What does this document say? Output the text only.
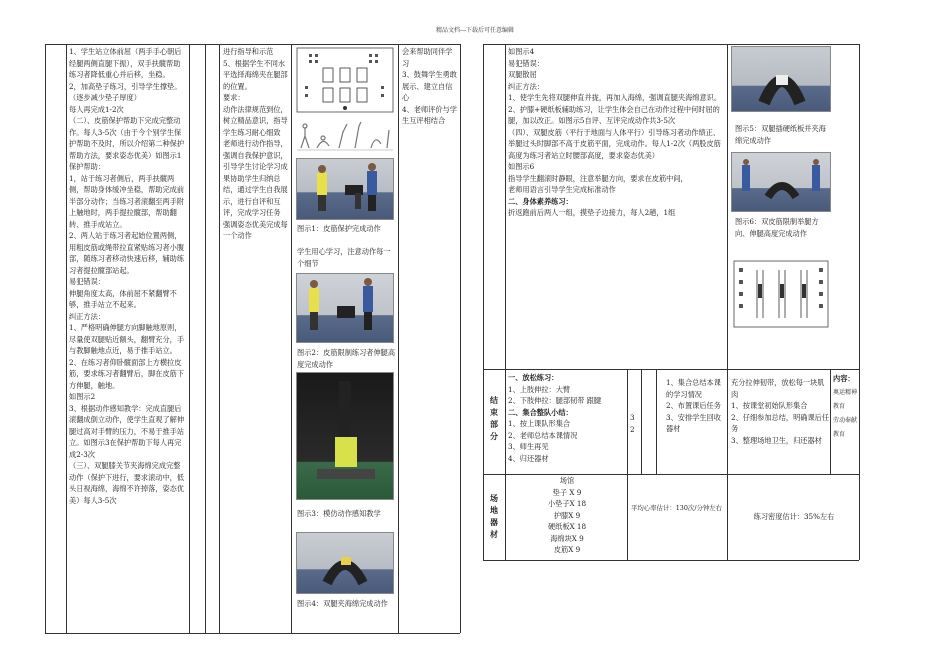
精品文档---下载后可任意编辑
1、学生站立体前屈（两手手心朝后经腿两侧直腿下振），双手扶髋帮助练习者降低重心并后移，坐稳。
2，加高垫子练习，引导学生撑垫。（逐步减少垫子厚度）
每人再完成1-2次
（二）、皮筋保护帮助下完成完整动作。每人3-5次（由于今个别学生保护帮助不及时，所以介绍第二种保护帮助方法，要求姿态优美）如图示1
保护帮助：
1，站于练习者侧后，两手扶髋两侧，帮助身体缓冲坐稳，帮助完成前半部分动作；当练习者滚翻至两手附上触地时，两手提拉髋部，帮助翻转、推手成站立。
2、两人站于练习者起始位置两侧，用粗皮筋或绳带拉直紧贴练习者小腹部，随练习者移动快速后移，辅助练习者提拉髋部站起。
易犯错误：
伸腿角度太高，体前屈不紧翻臂不够，推手站立不起来。
纠正方法：
1、严格明确伸腿方向脚触地原则，尽量使双腿贴近额头，翻臂充分，手与教脚触地点近，易于推手站立。
2、在练习者仰卧髋面部上方横拉皮筋，要求练习者翻臂后，脚在皮筋下方伸腿，触地。
如图示2
3、根据动作感知教学：完成直腿后滚翻成倒立动作，使学生直观了解伸腿过高对手臂的压力，不易于推手站立。如图示3在保护帮助下每人再完成2-3次
（三）、双腿膝关节夹海绵完成完整动作（保护下进行，要求滚动中，低头日视海绵，海绵不许掉落，姿态优美）每人3-5次
进行指导和示范
5、根据学生不同水平选择海绵夹在腿部的位置。
要求：
动作法律规范到位，树立精品意识，指导学生练习耐心细致
老师进行动作指导，强调自我保护意识，引导学生讨论学习成果协助学生归纳总结，通过学生自我展示，进行自评和互评，完成学习任务
强调姿态优美完成每一个动作
图示1：皮筋保护完成动作
学生用心学习，注意动作每一个细节
图示2：皮筋限制练习者伸腿高度完成动作
图示3：模仿动作感知教学
图示4：双腿夹海绵完成动作
会来帮助同伴学习
3、鼓舞学生勇敢展示、建立自信心
4、老师评价与学生互评相结合
如图示4
易犯错误：
双腿散屈
纠正方法：
1、使学生先将双腿伸直并拢，再加入海绵，强调直腿夹海绵意识。
2、护膝+硬纸板辅助练习，让学生体会自己在动作过程中何时屈的腿，加以改正。如图示5自评、互评完成动作共3-5次
（四）、双腿皮筋（平行于地面与人体平行）引导练习者动作绩正、举腿过头时脚部不高于皮筋平面，完成动作。每人1-2次（两股皮筋高度为练习者站立时腰部高度，要求姿态优美）
如图示6
指导学生翻滚时静眼，注意举腿方向，要求在皮筋中间，
老师用语言引导学生完成标准动作
二、身体素养练习：
折返跑前后两人一组，摸垫子边接力，每人2趟，1组
图示5：双腿插硬纸板并夹海绵完成动作
图示6：双皮筋限制举腿方向、伸腿高度完成动作
结束部分
一、放松练习：
1、上肢伸拉：大臂
2、下肢伸拉：腿部韧带 跟腱
二、集合整队小结：
1、按上课队形集合
2、老师总结本课情况
3、师生再见
4、归还器材
3
2
1、集合总结本课的学习情况
2、布置课后任务
3、安排学生回收器材
充分拉伸韧带，放松每一块肌肉
1、按课堂初始队形集合
2、仔细参加总结，明确课后任务
3、整理场地卫生，归还器材
内容：
奥运精神教育
劳动奉献教育
场地器材
场馆
垫子 X 9
小垫子X 18
护膝X 9
硬纸板X 18
海绵块X 9
皮筋X 9
平均心率估计：130次/分钟左右
练习密度估计：35%左右
